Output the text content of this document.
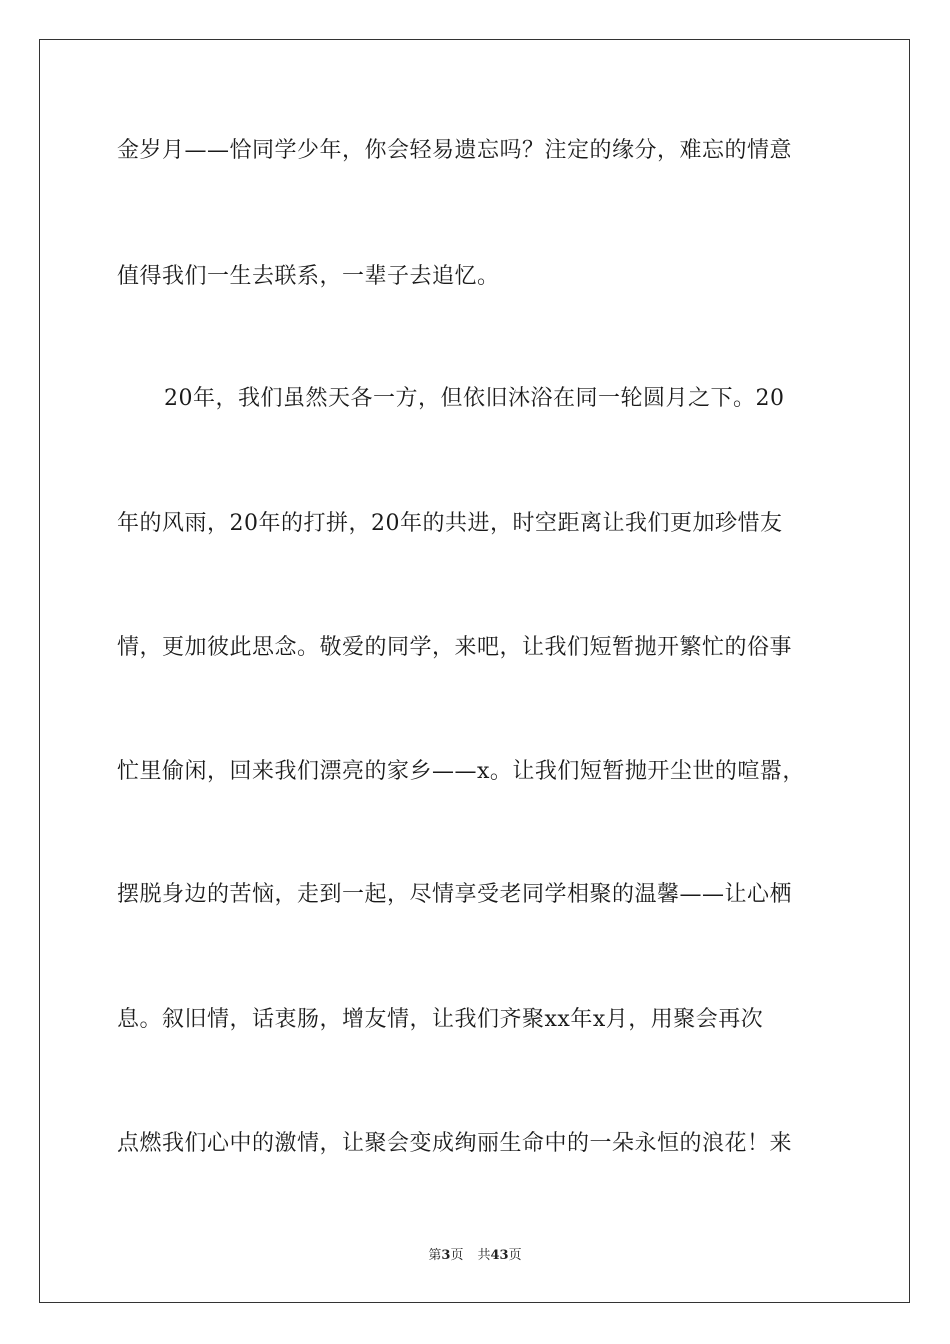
金岁月——恰同学少年，你会轻易遗忘吗？注定的缘分，难忘的情意
值得我们一生去联系，一辈子去追忆。
20年，我们虽然天各一方，但依旧沐浴在同一轮圆月之下。20
年的风雨，20年的打拼，20年的共进，时空距离让我们更加珍惜友
情，更加彼此思念。敬爱的同学，来吧，让我们短暂抛开繁忙的俗事
忙里偷闲，回来我们漂亮的家乡——x。让我们短暂抛开尘世的喧嚣，
摆脱身边的苦恼，走到一起，尽情享受老同学相聚的温馨——让心栖
息。叙旧情，话衷肠，增友情，让我们齐聚xx年x月，用聚会再次
点燃我们心中的激情，让聚会变成绚丽生命中的一朵永恒的浪花！来
第3页 共43页
